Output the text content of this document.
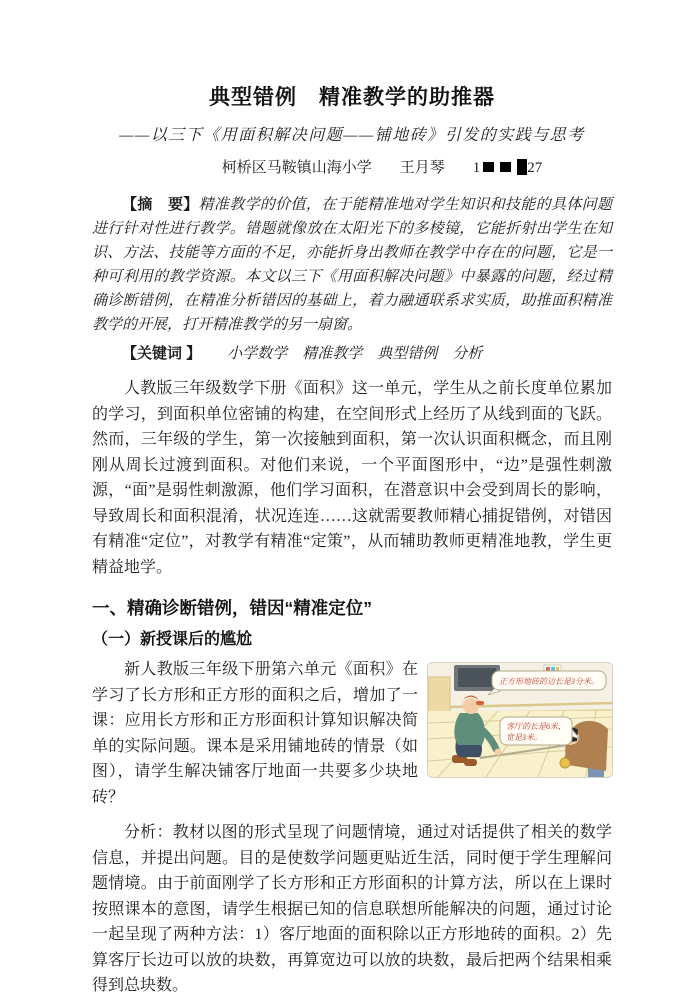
典型错例　精准教学的助推器
——以三下《用面积解决问题——铺地砖》引发的实践与思考
柯桥区马鞍镇山海小学 王月琴 1	27

【摘　要】精准教学的价值，在于能精准地对学生知识和技能的具体问题进行针对性进行教学。错题就像放在太阳光下的多棱镜，它能折射出学生在知识、方法、技能等方面的不足，亦能折身出教师在教学中存在的问题，它是一种可利用的教学资源。本文以三下《用面积解决问题》中暴露的问题，经过精确诊断错例，在精准分析错因的基础上，着力融通联系求实质，助推面积精准教学的开展，打开精准教学的另一扇窗。

【关键词 】 小学数学 精准教学 典型错例 分析

人教版三年级数学下册《面积》这一单元，学生从之前长度单位累加的学习，到面积单位密铺的构建，在空间形式上经历了从线到面的飞跃。然而，三年级的学生，第一次接触到面积，第一次认识面积概念，而且刚刚从周长过渡到面积。对他们来说，一个平面图形中，“边”是强性刺激源，“面”是弱性刺激源，他们学习面积，在潜意识中会受到周长的影响，导致周长和面积混淆，状况连连……这就需要教师精心捕捉错例，对错因有精准“定位”，对教学有精准“定策”，从而辅助教师更精准地教，学生更精益地学。

一、精确诊断错例，错因“精准定位”
（一）新授课后的尴尬
正方形地砖的边长是3分米。
客厅的长是6米，
宽是3米。

新人教版三年级下册第六单元《面积》在学习了长方形和正方形的面积之后，增加了一课：应用长方形和正方形面积计算知识解决简单的实际问题。课本是采用铺地砖的情景（如图），请学生解决铺客厅地面一共要多少块地砖？

分析：教材以图的形式呈现了问题情境，通过对话提供了相关的数学信息，并提出问题。目的是使数学问题更贴近生活，同时便于学生理解问题情境。由于前面刚学了长方形和正方形面积的计算方法，所以在上课时按照课本的意图，请学生根据已知的信息联想所能解决的问题，通过讨论一起呈现了两种方法：1）客厅地面的面积除以正方形地砖的面积。2）先算客厅长边可以放的块数，再算宽边可以放的块数，最后把两个结果相乘得到总块数。
